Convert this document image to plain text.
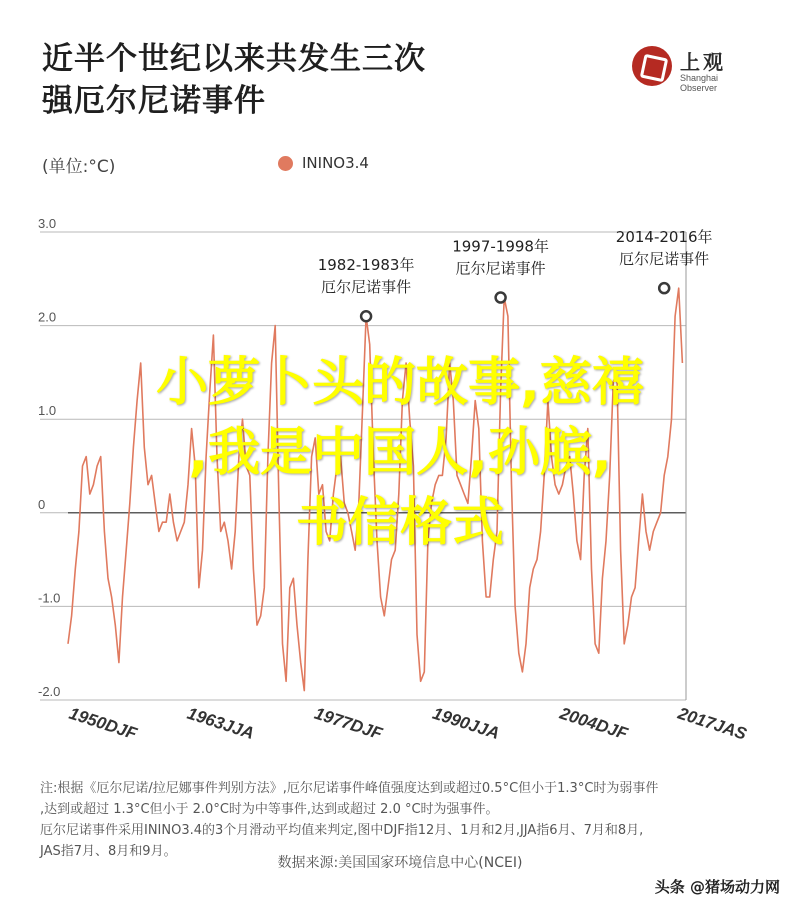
近半个世纪以来共发生三次
强厄尔尼诺事件
上观
Shanghai Observer
(单位:°C)	ININO3.4
3.0
2.0
1.0
0
-1.0
-2.0
1950DJF	1963JJA	1977DJF	1990JJA	2004DJF	2017JAS
1982-1983年
厄尔尼诺事件
1997-1998年
厄尔尼诺事件
2014-2016年
厄尔尼诺事件
注:根据《厄尔尼诺/拉尼娜事件判别方法》,厄尔尼诺事件峰值强度达到或超过0.5°C但小于1.3°C时为弱事件
,达到或超过 1.3°C但小于 2.0°C时为中等事件,达到或超过 2.0 °C时为强事件。
厄尔尼诺事件采用ININO3.4的3个月滑动平均值来判定,图中DJF指12月、1月和2月,JJA指6月、7月和8月,
JAS指7月、8月和9月。
数据来源:美国国家环境信息中心(NCEI)
头条 @猪场动力网
小萝卜头的故事,慈禧
,我是中国人,孙膑,
书信格式
